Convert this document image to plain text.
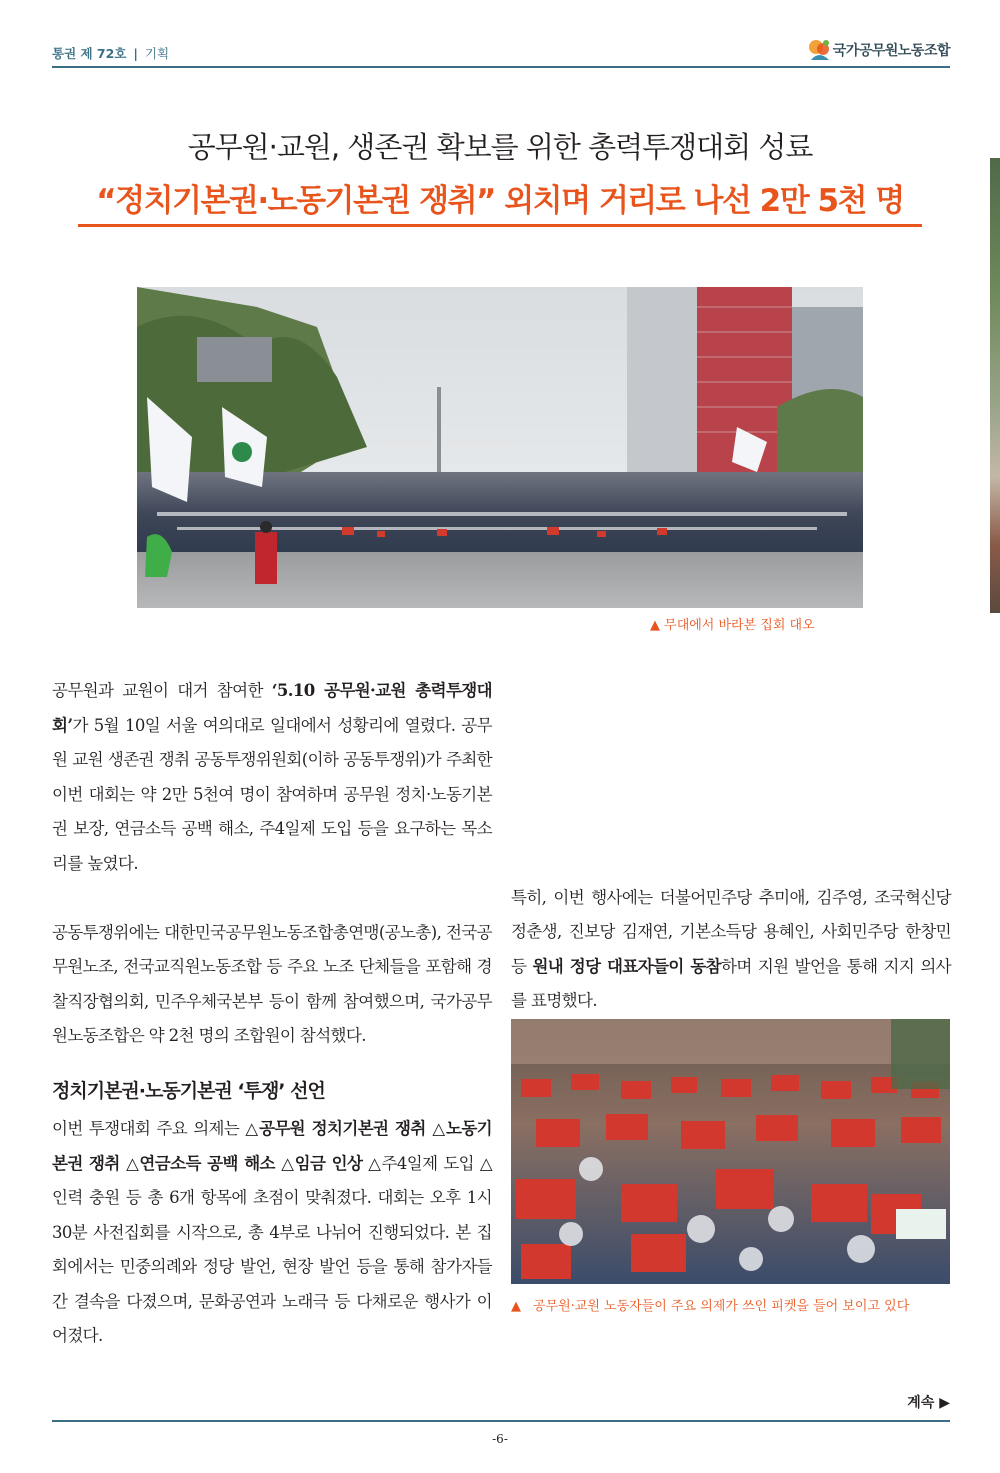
통권 제 72호 | 기획	국가공무원노동조합
공무원·교원, 생존권 확보를 위한 총력투쟁대회 성료
“정치기본권·노동기본권 쟁취” 외치며 거리로 나선 2만 5천 명
▲ 무대에서 바라본 집회 대오

공무원과 교원이 대거 참여한 ‘5.10 공무원·교원 총력투쟁대회’가 5월 10일 서울 여의대로 일대에서 성황리에 열렸다. 공무원 교원 생존권 쟁취 공동투쟁위원회(이하 공동투쟁위)가 주최한 이번 대회는 약 2만 5천여 명이 참여하며 공무원 정치·노동기본권 보장, 연금소득 공백 해소, 주4일제 도입 등을 요구하는 목소리를 높였다.

공동투쟁위에는 대한민국공무원노동조합총연맹(공노총), 전국공무원노조, 전국교직원노동조합 등 주요 노조 단체들을 포함해 경찰직장협의회, 민주우체국본부 등이 함께 참여했으며, 국가공무원노동조합은 약 2천 명의 조합원이 참석했다.

정치기본권·노동기본권 ‘투쟁’ 선언

이번 투쟁대회 주요 의제는 △공무원 정치기본권 쟁취 △노동기본권 쟁취 △연금소득 공백 해소 △임금 인상 △주4일제 도입 △인력 충원 등 총 6개 항목에 초점이 맞춰졌다. 대회는 오후 1시 30분 사전집회를 시작으로, 총 4부로 나뉘어 진행되었다. 본 집회에서는 민중의례와 정당 발언, 현장 발언 등을 통해 참가자들 간 결속을 다졌으며, 문화공연과 노래극 등 다채로운 행사가 이어졌다.

특히, 이번 행사에는 더불어민주당 추미애, 김주영, 조국혁신당 정춘생, 진보당 김재연, 기본소득당 용혜인, 사회민주당 한창민 등 원내 정당 대표자들이 동참하며 지원 발언을 통해 지지 의사를 표명했다.

▲ 공무원·교원 노동자들이 주요 의제가 쓰인 피켓을 들어 보이고 있다
계속 ▶
-6-
